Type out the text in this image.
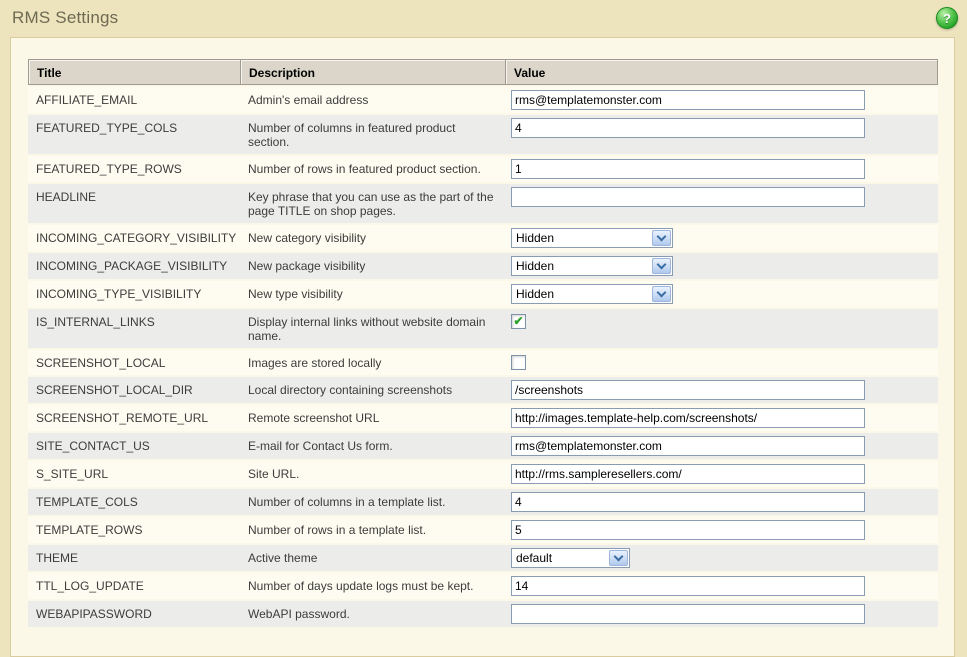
RMS Settings	?
Title	Description	Value
AFFILIATE_EMAIL	Admin's email address	rms@templatemonster.com
FEATURED_TYPE_COLS	Number of columns in featured product section.	4
FEATURED_TYPE_ROWS	Number of rows in featured product section.	1
HEADLINE	Key phrase that you can use as the part of the page TITLE on shop pages.	
INCOMING_CATEGORY_VISIBILITY	New category visibility	Hidden

INCOMING_PACKAGE_VISIBILITY	New package visibility	Hidden

INCOMING_TYPE_VISIBILITY	New type visibility	Hidden

IS_INTERNAL_LINKS	Display internal links without website domain name.	✔

SCREENSHOT_LOCAL	Images are stored locally	

SCREENSHOT_LOCAL_DIR	Local directory containing screenshots	/screenshots
SCREENSHOT_REMOTE_URL	Remote screenshot URL	http://images.template-help.com/screenshots/
SITE_CONTACT_US	E-mail for Contact Us form.	rms@templatemonster.com
S_SITE_URL	Site URL.	http://rms.sampleresellers.com/
TEMPLATE_COLS	Number of columns in a template list.	4
TEMPLATE_ROWS	Number of rows in a template list.	5
THEME	Active theme	default

TTL_LOG_UPDATE	Number of days update logs must be kept.	14
WEBAPIPASSWORD	WebAPI password.	
